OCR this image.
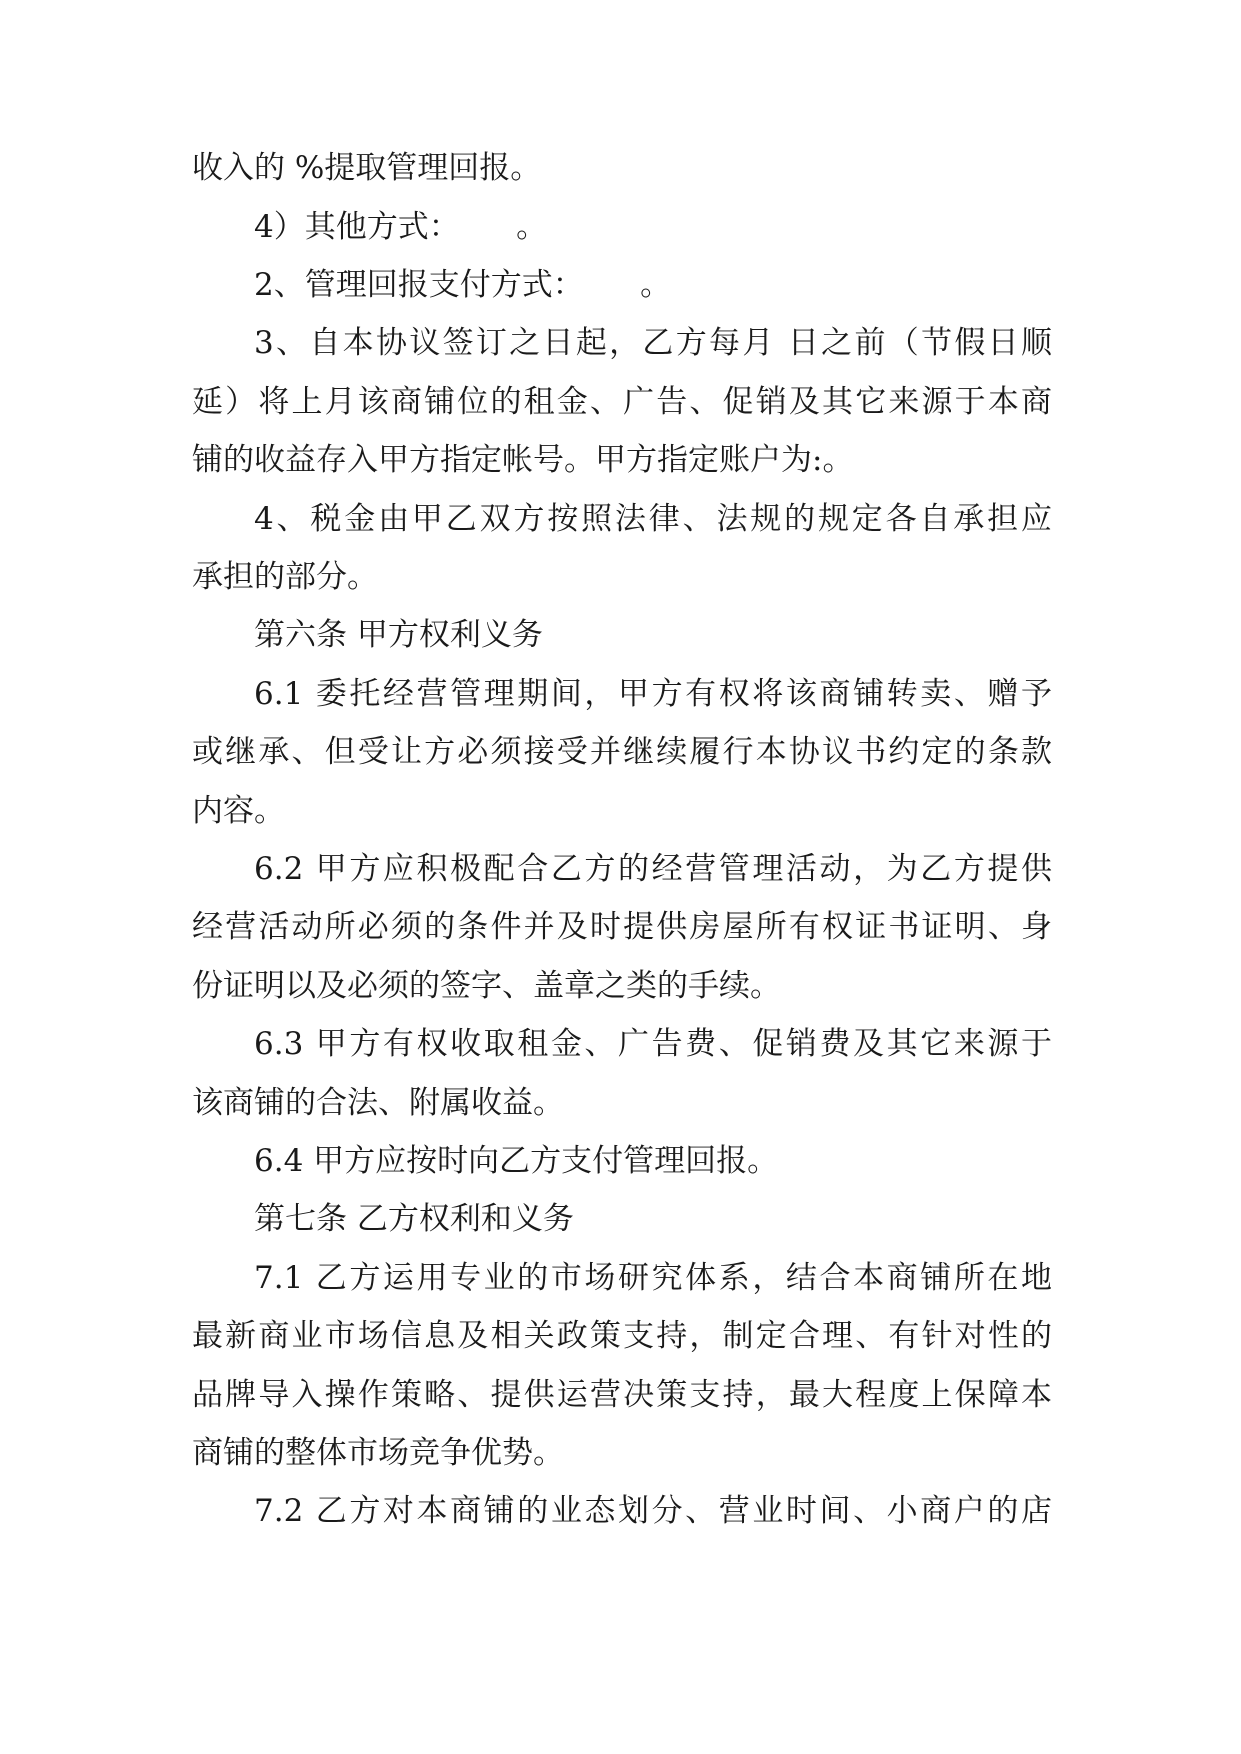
收入的 %提取管理回报。

4）其他方式：　　 。

2、管理回报支付方式：　　 。

3、自本协议签订之日起，乙方每月 日之前（节假日顺

延）将上月该商铺位的租金、广告、促销及其它来源于本商

铺的收益存入甲方指定帐号。甲方指定账户为:。

4、税金由甲乙双方按照法律、法规的规定各自承担应

承担的部分。

第六条 甲方权利义务

6.1 委托经营管理期间，甲方有权将该商铺转卖、赠予

或继承、但受让方必须接受并继续履行本协议书约定的条款

内容。

6.2 甲方应积极配合乙方的经营管理活动，为乙方提供

经营活动所必须的条件并及时提供房屋所有权证书证明、身

份证明以及必须的签字、盖章之类的手续。

6.3 甲方有权收取租金、广告费、促销费及其它来源于

该商铺的合法、附属收益。

6.4 甲方应按时向乙方支付管理回报。

第七条 乙方权利和义务

7.1 乙方运用专业的市场研究体系，结合本商铺所在地

最新商业市场信息及相关政策支持，制定合理、有针对性的

品牌导入操作策略、提供运营决策支持，最大程度上保障本

商铺的整体市场竞争优势。

7.2 乙方对本商铺的业态划分、营业时间、小商户的店
